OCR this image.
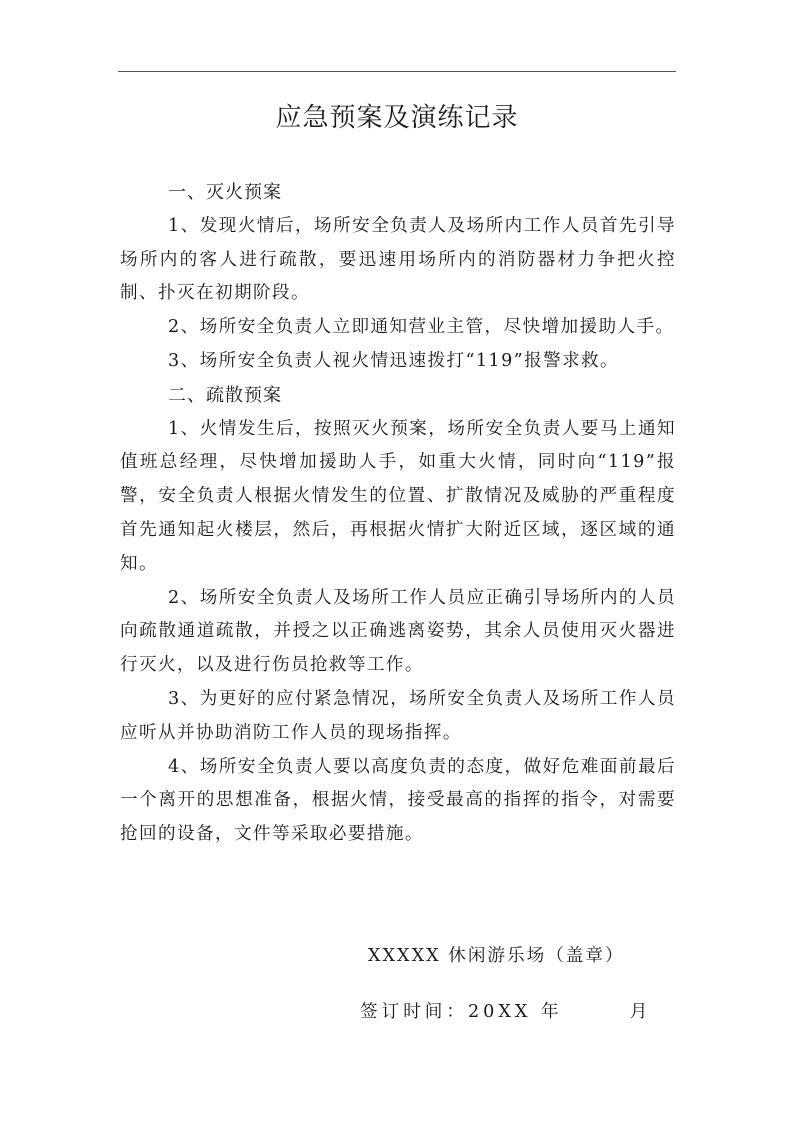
应急预案及演练记录

一、灭火预案

1、发现火情后，场所安全负责人及场所内工作人员首先引导场所内的客人进行疏散，要迅速用场所内的消防器材力争把火控制、扑灭在初期阶段。

2、场所安全负责人立即通知营业主管，尽快增加援助人手。

3、场所安全负责人视火情迅速拨打“119”报警求救。

二、疏散预案

1、火情发生后，按照灭火预案，场所安全负责人要马上通知值班总经理，尽快增加援助人手，如重大火情，同时向“119”报警，安全负责人根据火情发生的位置、扩散情况及威胁的严重程度首先通知起火楼层，然后，再根据火情扩大附近区域，逐区域的通知。

2、场所安全负责人及场所工作人员应正确引导场所内的人员向疏散通道疏散，并授之以正确逃离姿势，其余人员使用灭火器进行灭火，以及进行伤员抢救等工作。

3、为更好的应付紧急情况，场所安全负责人及场所工作人员应听从并协助消防工作人员的现场指挥。

4、场所安全负责人要以高度负责的态度，做好危难面前最后一个离开的思想准备，根据火情，接受最高的指挥的指令，对需要抢回的设备，文件等采取必要措施。

XXXXX 休闲游乐场（盖章）
签订时间：20XX 年       月
